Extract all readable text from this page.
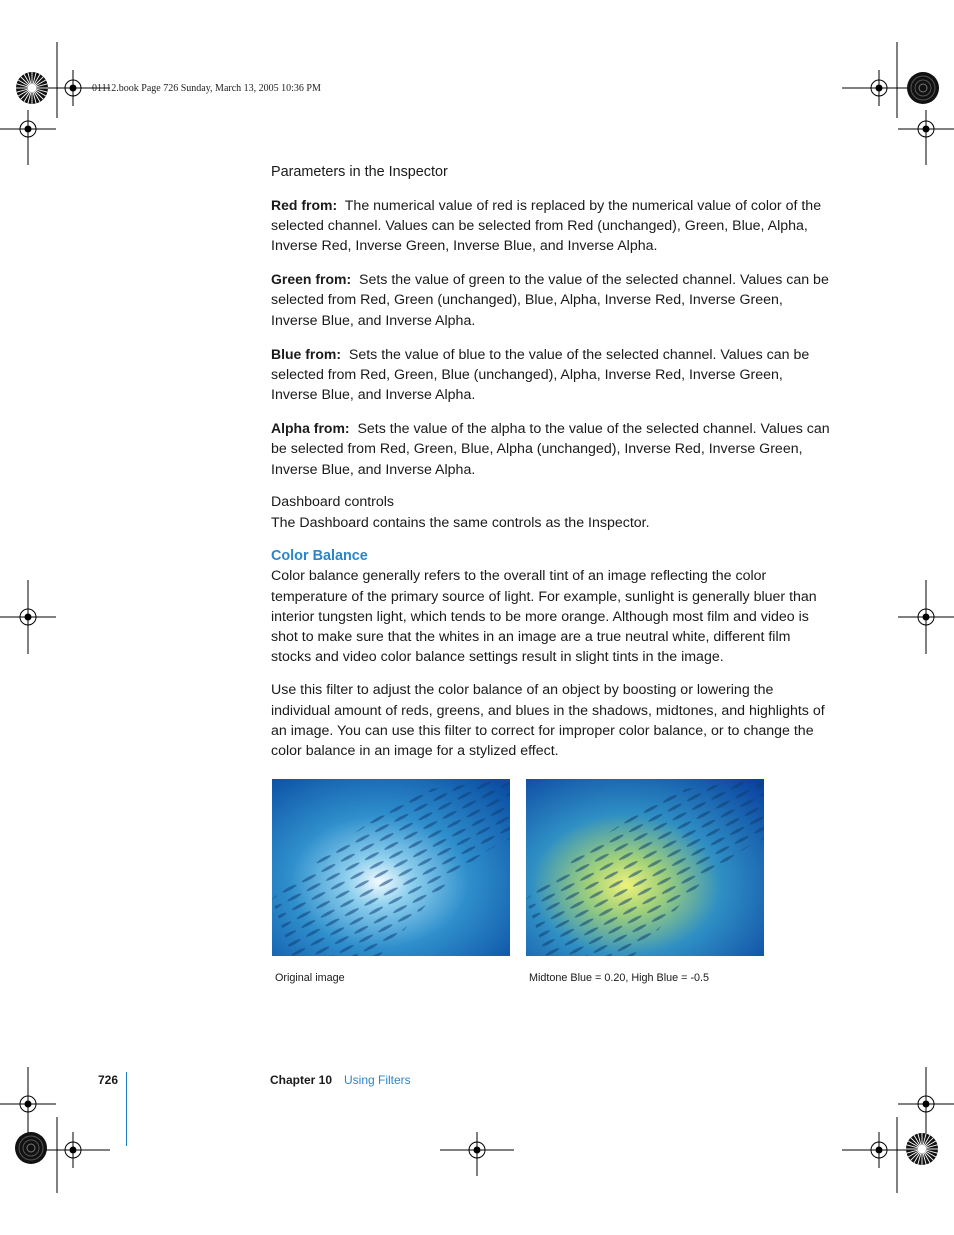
01112.book Page 726 Sunday, March 13, 2005 10:36 PM

Parameters in the Inspector

Red from: The numerical value of red is replaced by the numerical value of color of the selected channel. Values can be selected from Red (unchanged), Green, Blue, Alpha, Inverse Red, Inverse Green, Inverse Blue, and Inverse Alpha.

Green from: Sets the value of green to the value of the selected channel. Values can be selected from Red, Green (unchanged), Blue, Alpha, Inverse Red, Inverse Green, Inverse Blue, and Inverse Alpha.

Blue from: Sets the value of blue to the value of the selected channel. Values can be selected from Red, Green, Blue (unchanged), Alpha, Inverse Red, Inverse Green, Inverse Blue, and Inverse Alpha.

Alpha from: Sets the value of the alpha to the value of the selected channel. Values can be selected from Red, Green, Blue, Alpha (unchanged), Inverse Red, Inverse Green, Inverse Blue, and Inverse Alpha.

Dashboard controls

The Dashboard contains the same controls as the Inspector.

Color Balance

Color balance generally refers to the overall tint of an image reflecting the color temperature of the primary source of light. For example, sunlight is generally bluer than interior tungsten light, which tends to be more orange. Although most film and video is shot to make sure that the whites in an image are a true neutral white, different film stocks and video color balance settings result in slight tints in the image.

Use this filter to adjust the color balance of an object by boosting or lowering the individual amount of reds, greens, and blues in the shadows, midtones, and highlights of an image. You can use this filter to correct for improper color balance, or to change the color balance in an image for a stylized effect.

Original image	Midtone Blue = 0.20, High Blue = -0.5
726	Chapter 10 Using Filters
